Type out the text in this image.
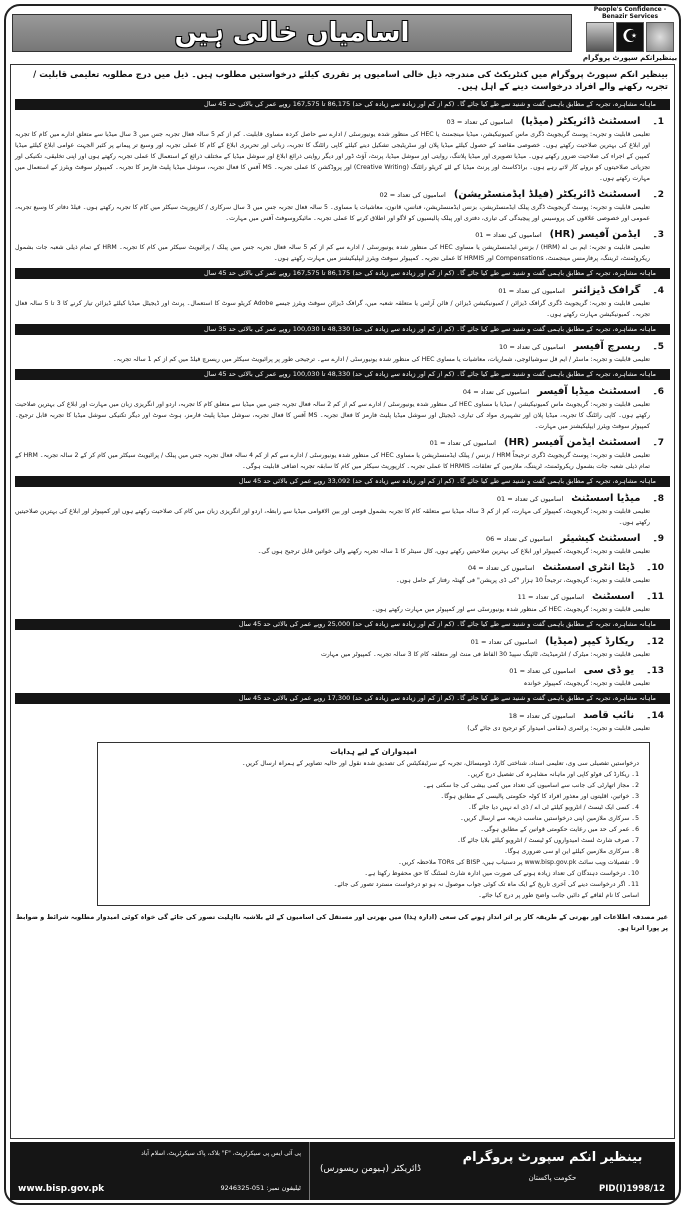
اسامیاں خالی ہیں
People's Confidence - Benazir Services
☪
بینظیرانکم سپورٹ پروگرام
بینظیر انکم سپورٹ پروگرام میں کنٹریکٹ کی مندرجہ ذیل خالی اسامیوں پر تقرری کیلئے درخواستیں مطلوب ہیں۔ ذیل میں درج مطلوبہ تعلیمی قابلیت / تجربہ رکھنے والے افراد درخواست دینے کے اہل ہیں۔
ماہانہ مشاہرہ، تجربہ کے مطابق باہمی گفت و شنید سے طے کیا جائے گا۔ (کم از کم اور زیادہ سے زیادہ کی حد) 86,175 تا 167,575 روپے عمر کی بالائی حد 45 سال
1۔
اسسٹنٹ ڈائریکٹر (میڈیا)
اسامیوں کی تعداد = 03

تعلیمی قابلیت و تجربہ: پوسٹ گریجویٹ ڈگری ماس کمیونیکیشن، میڈیا مینجمنٹ یا HEC کی منظور شدہ یونیورسٹی / ادارے سے حاصل کردہ مساوی قابلیت۔ کم از کم 5 سالہ فعال تجربہ جس میں 3 سال میڈیا سے متعلق ادارے میں کام کا تجربہ اور ابلاغ کی بہترین صلاحیت رکھتے ہوں۔ خصوصی مقاصد کے حصول کیلئے میڈیا پلان اور سٹریٹیجی تشکیل دینے کیلئے کاپی رائٹنگ کا تجربہ، زبانی اور تحریری ابلاغ کے کام کا عملی تجربہ اور وسیع تر پیمانے پر کثیر الجہت عوامی ابلاغ کیلئے میڈیا کمپین کے اجراء کی صلاحیت ضرور رکھتے ہوں۔ میڈیا تصویری اور میڈیا پلاننگ، روایتی اور سوشل میڈیا، پرنٹ، آؤٹ ڈور اور دیگر روایتی ذرائع ابلاغ اور سوشل میڈیا کے مختلف ذرائع کے استعمال کا عملی تجربہ رکھتے ہوں اور اپنی تخلیقی، تکنیکی اور تجزیاتی صلاحیتوں کو بروئے کار لاتے رہے ہوں۔ براڈکاسٹ اور پرنٹ میڈیا کے لئے کریٹو رائٹنگ (Creative Writing) اور پروڈکشن کا عملی تجربہ۔ MS آفس کا فعال تجربہ، سوشل میڈیا پلیٹ فارمز کا تجربہ۔ کمپیوٹر سوفٹ ویئرز کے استعمال میں مہارت رکھتے ہوں۔

2۔
اسسٹنٹ ڈائریکٹر (فیلڈ ایڈمنسٹریشن)
اسامیوں کی تعداد = 02

تعلیمی قابلیت و تجربہ: پوسٹ گریجویٹ ڈگری پبلک ایڈمنسٹریشن، بزنس ایڈمنسٹریشن، فنانس، قانون، معاشیات یا مساوی۔ 5 سالہ فعال تجربہ جس میں 3 سال سرکاری / کارپوریٹ سیکٹر میں کام کا تجربہ رکھتے ہوں۔ فیلڈ دفاتر کا وسیع تجربہ، عمومی اور خصوصی علاقوں کی پروسیس اور پیچیدگی کی تیاری، دفتری اور پبلک پالیسیوں کو لاگو اور اطلاق کرنے کا عملی تجربہ۔ مائیکروسوفٹ آفس میں مہارت۔

3۔
ایڈمن آفیسر (HR)
اسامیوں کی تعداد = 01

تعلیمی قابلیت و تجربہ: ایم بی اے (HRM) / بزنس ایڈمنسٹریشن یا مساوی HEC کی منظور شدہ یونیورسٹی / ادارے سے کم از کم 5 سالہ فعال تجربہ جس میں پبلک / پرائیویٹ سیکٹر میں کام کا تجربہ۔ HRM کے تمام ذیلی شعبہ جات بشمول ریکروٹمنٹ، ٹریننگ، پرفارمنس مینجمنٹ، Compensations اور HRMIS کا عملی تجربہ۔ کمپیوٹر سوفٹ ویئرز ایپلیکیشنز میں مہارت رکھتے ہوں۔

ماہانہ مشاہرہ، تجربہ کے مطابق باہمی گفت و شنید سے طے کیا جائے گا۔ (کم از کم اور زیادہ سے زیادہ کی حد) 86,175 تا 167,575 روپے عمر کی بالائی حد 45 سال
4۔
گرافک ڈیزائنر
اسامیوں کی تعداد = 01

تعلیمی قابلیت و تجربہ: گریجویٹ ڈگری گرافک ڈیزائن / کمیونیکیشن ڈیزائن / فائن آرٹس یا متعلقہ شعبہ میں، گرافک ڈیزائن سوفٹ ویئرز جیسے Adobe کریٹو سوٹ کا استعمال۔ پرنٹ اور ڈیجیٹل میڈیا کیلئے ڈیزائن تیار کرنے کا 3 تا 5 سالہ فعال تجربہ۔ کمیونیکیشن مہارت رکھتے ہوں۔

ماہانہ مشاہرہ، تجربہ کے مطابق باہمی گفت و شنید سے طے کیا جائے گا۔ (کم از کم اور زیادہ سے زیادہ کی حد) 48,330 تا 100,030 روپے عمر کی بالائی حد 35 سال
5۔
ریسرچ آفیسر
اسامیوں کی تعداد = 10

تعلیمی قابلیت و تجربہ: ماسٹر / ایم فل سوشیالوجی، شماریات، معاشیات یا مساوی HEC کی منظور شدہ یونیورسٹی / ادارے سے۔ ترجیحی طور پر پرائیویٹ سیکٹر میں ریسرچ فیلڈ میں کم از کم 1 سالہ تجربہ۔

ماہانہ مشاہرہ، تجربہ کے مطابق باہمی گفت و شنید سے طے کیا جائے گا۔ (کم از کم اور زیادہ سے زیادہ کی حد) 48,330 تا 100,030 روپے عمر کی بالائی حد 45 سال
6۔
اسسٹنٹ میڈیا آفیسر
اسامیوں کی تعداد = 04

تعلیمی قابلیت و تجربہ: گریجویٹ ماس کمیونیکیشن / میڈیا یا مساوی HEC کی منظور شدہ یونیورسٹی / ادارے سے کم از کم 2 سالہ فعال تجربہ جس میں میڈیا سے متعلق کام کا تجربہ، اردو اور انگریزی زبان میں مہارت اور ابلاغ کی بہترین صلاحیت رکھتے ہوں۔ کاپی رائٹنگ کا تجربہ، میڈیا پلان اور تشہیری مواد کی تیاری، ڈیجیٹل اور سوشل میڈیا پلیٹ فارمز کا فعال تجربہ۔ MS آفس کا فعال تجربہ، سوشل میڈیا پلیٹ فارمز، ہوٹ سوٹ اور دیگر تکنیکی سوشل میڈیا کا تجربہ قابل ترجیح۔ کمپیوٹر سوفٹ ویئرز ایپلیکیشنز میں مہارت۔

7۔
اسسٹنٹ ایڈمن آفیسر (HR)
اسامیوں کی تعداد = 01

تعلیمی قابلیت و تجربہ: پوسٹ گریجویٹ ڈگری ترجیحاً HRM / بزنس / پبلک ایڈمنسٹریشن یا مساوی HEC کی منظور شدہ یونیورسٹی / ادارے سے کم از کم 4 سالہ فعال تجربہ جس میں پبلک / پرائیویٹ سیکٹر میں کام کر کے 2 سالہ تجربہ۔ HRM کے تمام ذیلی شعبہ جات بشمول ریکروٹمنٹ، ٹریننگ، ملازمین کے تعلقات، HRMIS کا عملی تجربہ۔ کارپوریٹ سیکٹر میں کام کا سابقہ تجربہ اضافی قابلیت ہوگی۔

ماہانہ مشاہرہ، تجربہ کے مطابق باہمی گفت و شنید سے طے کیا جائے گا۔ (کم از کم اور زیادہ سے زیادہ کی حد) 33,092 روپے عمر کی بالائی حد 45 سال
8۔
میڈیا اسسٹنٹ
اسامیوں کی تعداد = 01

تعلیمی قابلیت و تجربہ: گریجویٹ، کمپیوٹر کی مہارت، کم از کم 3 سالہ میڈیا سے متعلقہ کام کا تجربہ بشمول قومی اور بین الاقوامی میڈیا سے رابطہ، اردو اور انگریزی زبان میں کام کی صلاحیت رکھتے ہوں اور کمپیوٹر اور ابلاغ کی بہترین صلاحیتیں رکھتے ہوں۔

9۔
اسسٹنٹ کیشیئر
اسامیوں کی تعداد = 06

تعلیمی قابلیت و تجربہ: گریجویٹ، کمپیوٹر اور ابلاغ کی بہترین صلاحیتیں رکھتے ہوں، کال سینٹر کا 1 سالہ تجربہ رکھنے والی خواتین قابل ترجیح ہوں گی۔

10۔
ڈیٹا انٹری اسسٹنٹ
اسامیوں کی تعداد = 04

تعلیمی قابلیت و تجربہ: گریجویٹ، ترجیحاً 10 ہزار "کی ڈی پریشن" فی گھنٹہ رفتار کے حامل ہوں۔

11۔
اسسٹنٹ
اسامیوں کی تعداد = 11

تعلیمی قابلیت و تجربہ: گریجویٹ، HEC کی منظور شدہ یونیورسٹی سے اور کمپیوٹر میں مہارت رکھتے ہوں۔

ماہانہ مشاہرہ، تجربہ کے مطابق باہمی گفت و شنید سے طے کیا جائے گا۔ (کم از کم اور زیادہ سے زیادہ کی حد) 25,000 روپے عمر کی بالائی حد 45 سال
12۔
ریکارڈ کیپر (میڈیا)
اسامیوں کی تعداد = 01

تعلیمی قابلیت و تجربہ: میٹرک / انٹرمیڈیٹ، ٹائپنگ سپیڈ 30 الفاظ فی منٹ اور متعلقہ کام کا 3 سالہ تجربہ۔ کمپیوٹر میں مہارت

13۔
یو ڈی سی
اسامیوں کی تعداد = 01

تعلیمی قابلیت و تجربہ: گریجویٹ، کمپیوٹر خواندہ

ماہانہ مشاہرہ، تجربہ کے مطابق باہمی گفت و شنید سے طے کیا جائے گا۔ (کم از کم اور زیادہ سے زیادہ کی حد) 17,300 روپے عمر کی بالائی حد 45 سال
14۔
نائب قاصد
اسامیوں کی تعداد = 18

تعلیمی قابلیت و تجربہ: پرائمری (مقامی امیدوار کو ترجیح دی جائے گی)

امیدواران کے لیے ہدایات
درخواستیں تفصیلی سی وی، تعلیمی اسناد، شناختی کارڈ، ڈومیسائل، تجربہ کے سرٹیفکیٹس کی تصدیق شدہ نقول اور حالیہ تصاویر کے ہمراہ ارسال کریں۔
1۔ ریکارڈ کی فوٹو کاپی اور ماہانہ مشاہرہ کی تفصیل درج کریں۔
2۔ مجاز اتھارٹی کی جانب سے اسامیوں کی تعداد میں کمی بیشی کی جا سکتی ہے۔
3۔ خواتین، اقلیتوں اور معذور افراد کا کوٹہ حکومتی پالیسی کے مطابق ہوگا۔
4۔ کسی ایک ٹیسٹ / انٹرویو کیلئے ٹی اے / ڈی اے نہیں دیا جائے گا۔
5۔ سرکاری ملازمین اپنی درخواستیں مناسب ذریعہ سے ارسال کریں۔
6۔ عمر کی حد میں رعایت حکومتی قوانین کے مطابق ہوگی۔
7۔ صرف شارٹ لسٹ امیدواروں کو ٹیسٹ / انٹرویو کیلئے بلایا جائے گا۔
8۔ سرکاری ملازمین کیلئے این او سی ضروری ہوگا۔
9۔ تفصیلات ویب سائٹ www.bisp.gov.pk پر دستیاب ہیں، BISP کی TORs ملاحظہ کریں۔
10۔ درخواست دہندگان کی تعداد زیادہ ہونے کی صورت میں ادارہ شارٹ لسٹنگ کا حق محفوظ رکھتا ہے۔
11۔ اگر درخواست دینے کی آخری تاریخ کے ایک ماہ تک کوئی جواب موصول نہ ہو تو درخواست مسترد تصور کی جائے۔
اسامی کا نام لفافے کے دائیں جانب واضح طور پر درج کیا جائے۔
غیر مصدقہ اطلاعات اور بھرتی کے طریقہ کار پر اثر انداز ہونے کی سعی (ادارہ ہذا) میں بھرتی اور مستقل کی اسامیوں کے لئے بلاشبہ نااہلیت تصور کی جائے گی خواہ کوئی امیدوار مطلوبہ شرائط و ضوابط پر پورا اترتا ہو۔
پی آئی ایس پی سیکرٹریٹ، "F" بلاک، پاک سیکرٹریٹ، اسلام آباد
ٹیلیفون نمبر: 051-9246325
www.bisp.gov.pk
ڈائریکٹر (ہیومن ریسورس)
بینظیر انکم سپورٹ پروگرام
حکومت پاکستان
PID(I)1998/12
